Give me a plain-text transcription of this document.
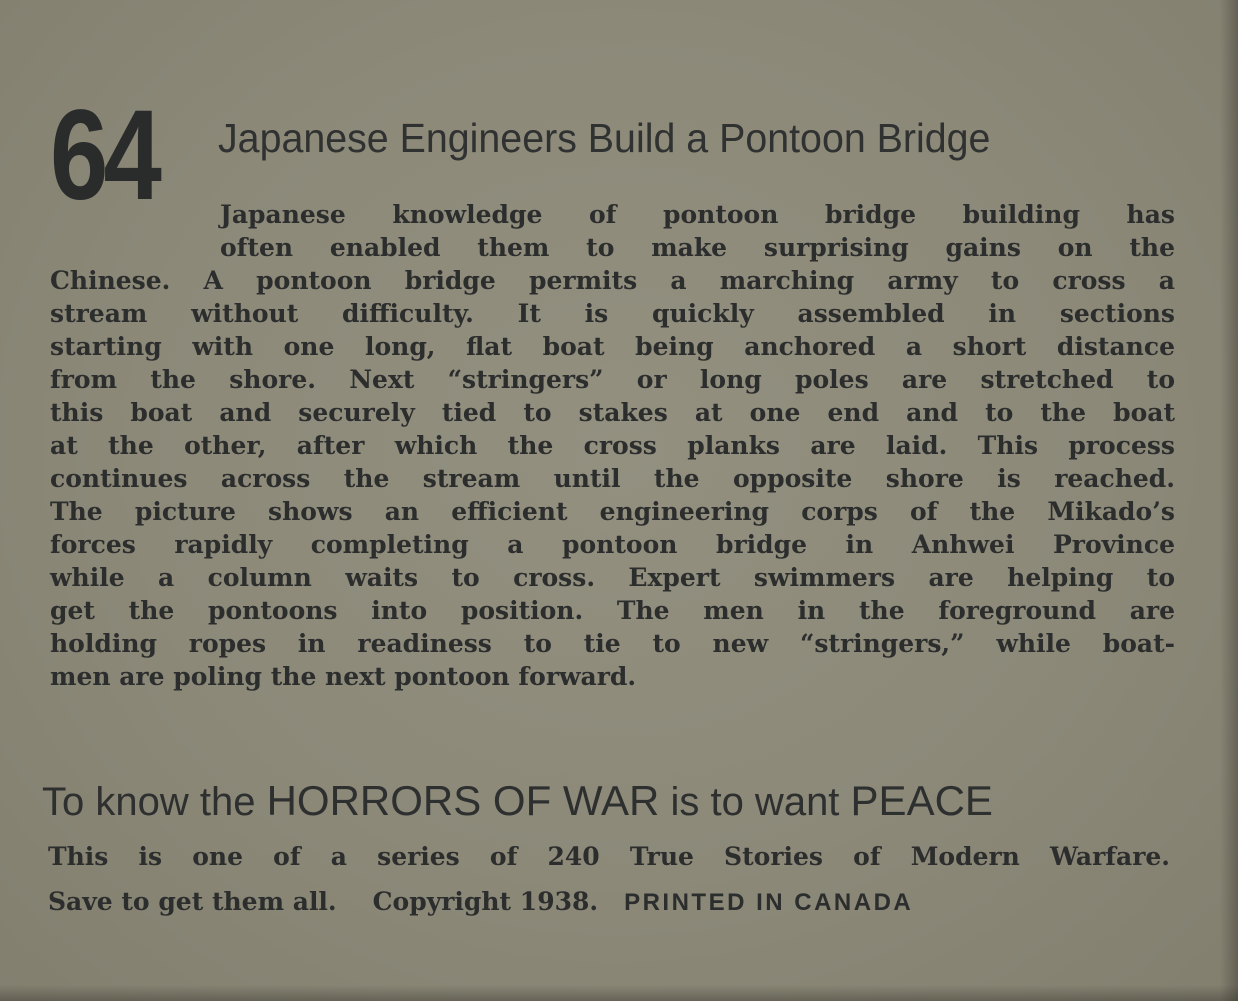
64 Japanese Engineers Build a Pontoon Bridge
Japanese knowledge of pontoon bridge building has
often enabled them to make surprising gains on the
Chinese. A pontoon bridge permits a marching army to cross a
stream without difficulty. It is quickly assembled in sections
starting with one long, flat boat being anchored a short distance
from the shore. Next “stringers” or long poles are stretched to
this boat and securely tied to stakes at one end and to the boat
at the other, after which the cross planks are laid. This process
continues across the stream until the opposite shore is reached.
The picture shows an efficient engineering corps of the Mikado’s
forces rapidly completing a pontoon bridge in Anhwei Province
while a column waits to cross. Expert swimmers are helping to
get the pontoons into position. The men in the foreground are
holding ropes in readiness to tie to new “stringers,” while boat-
men are poling the next pontoon forward.
To know the HORRORS OF WAR is to want PEACE
This is one of a series of 240 True Stories of Modern Warfare.
Save to get them all. Copyright 1938. PRINTED IN CANADA
